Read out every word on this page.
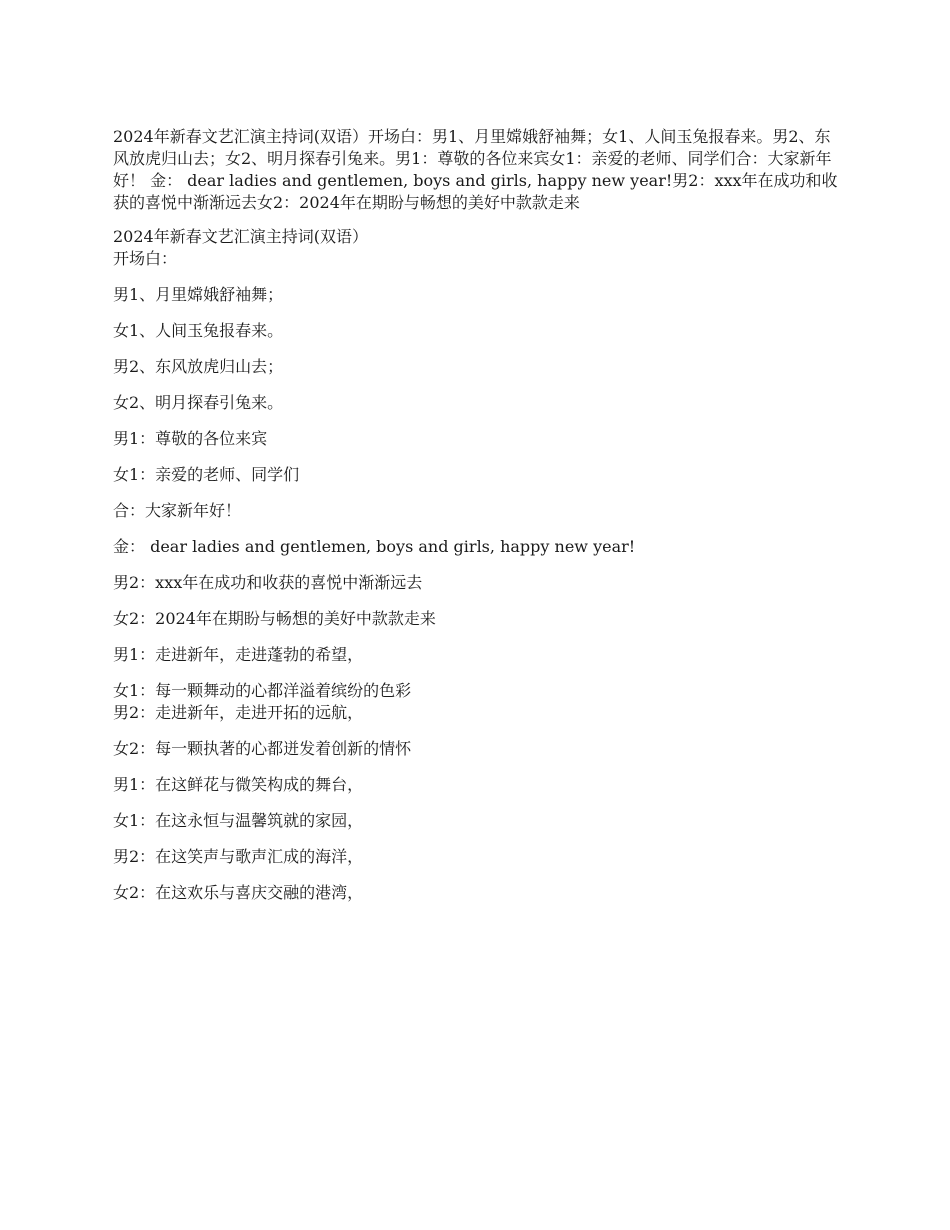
2024年新春文艺汇演主持词(双语）开场白：男1、月里嫦娥舒袖舞；女1、人间玉兔报春来。男2、东风放虎归山去；女2、明月探春引兔来。男1：尊敬的各位来宾女1：亲爱的老师、同学们合：大家新年好！ 金： dear ladies and gentlemen, boys and girls, happy new year!男2：xxx年在成功和收获的喜悦中渐渐远去女2：2024年在期盼与畅想的美好中款款走来

2024年新春文艺汇演主持词(双语）

开场白：

男1、月里嫦娥舒袖舞；

女1、人间玉兔报春来。

男2、东风放虎归山去；

女2、明月探春引兔来。

男1：尊敬的各位来宾

女1：亲爱的老师、同学们

合：大家新年好！

金： dear ladies and gentlemen, boys and girls, happy new year!

男2：xxx年在成功和收获的喜悦中渐渐远去

女2：2024年在期盼与畅想的美好中款款走来

男1：走进新年，走进蓬勃的希望，

女1：每一颗舞动的心都洋溢着缤纷的色彩

男2：走进新年，走进开拓的远航，

女2：每一颗执著的心都迸发着创新的情怀

男1：在这鲜花与微笑构成的舞台，

女1：在这永恒与温馨筑就的家园，

男2：在这笑声与歌声汇成的海洋，

女2：在这欢乐与喜庆交融的港湾，
